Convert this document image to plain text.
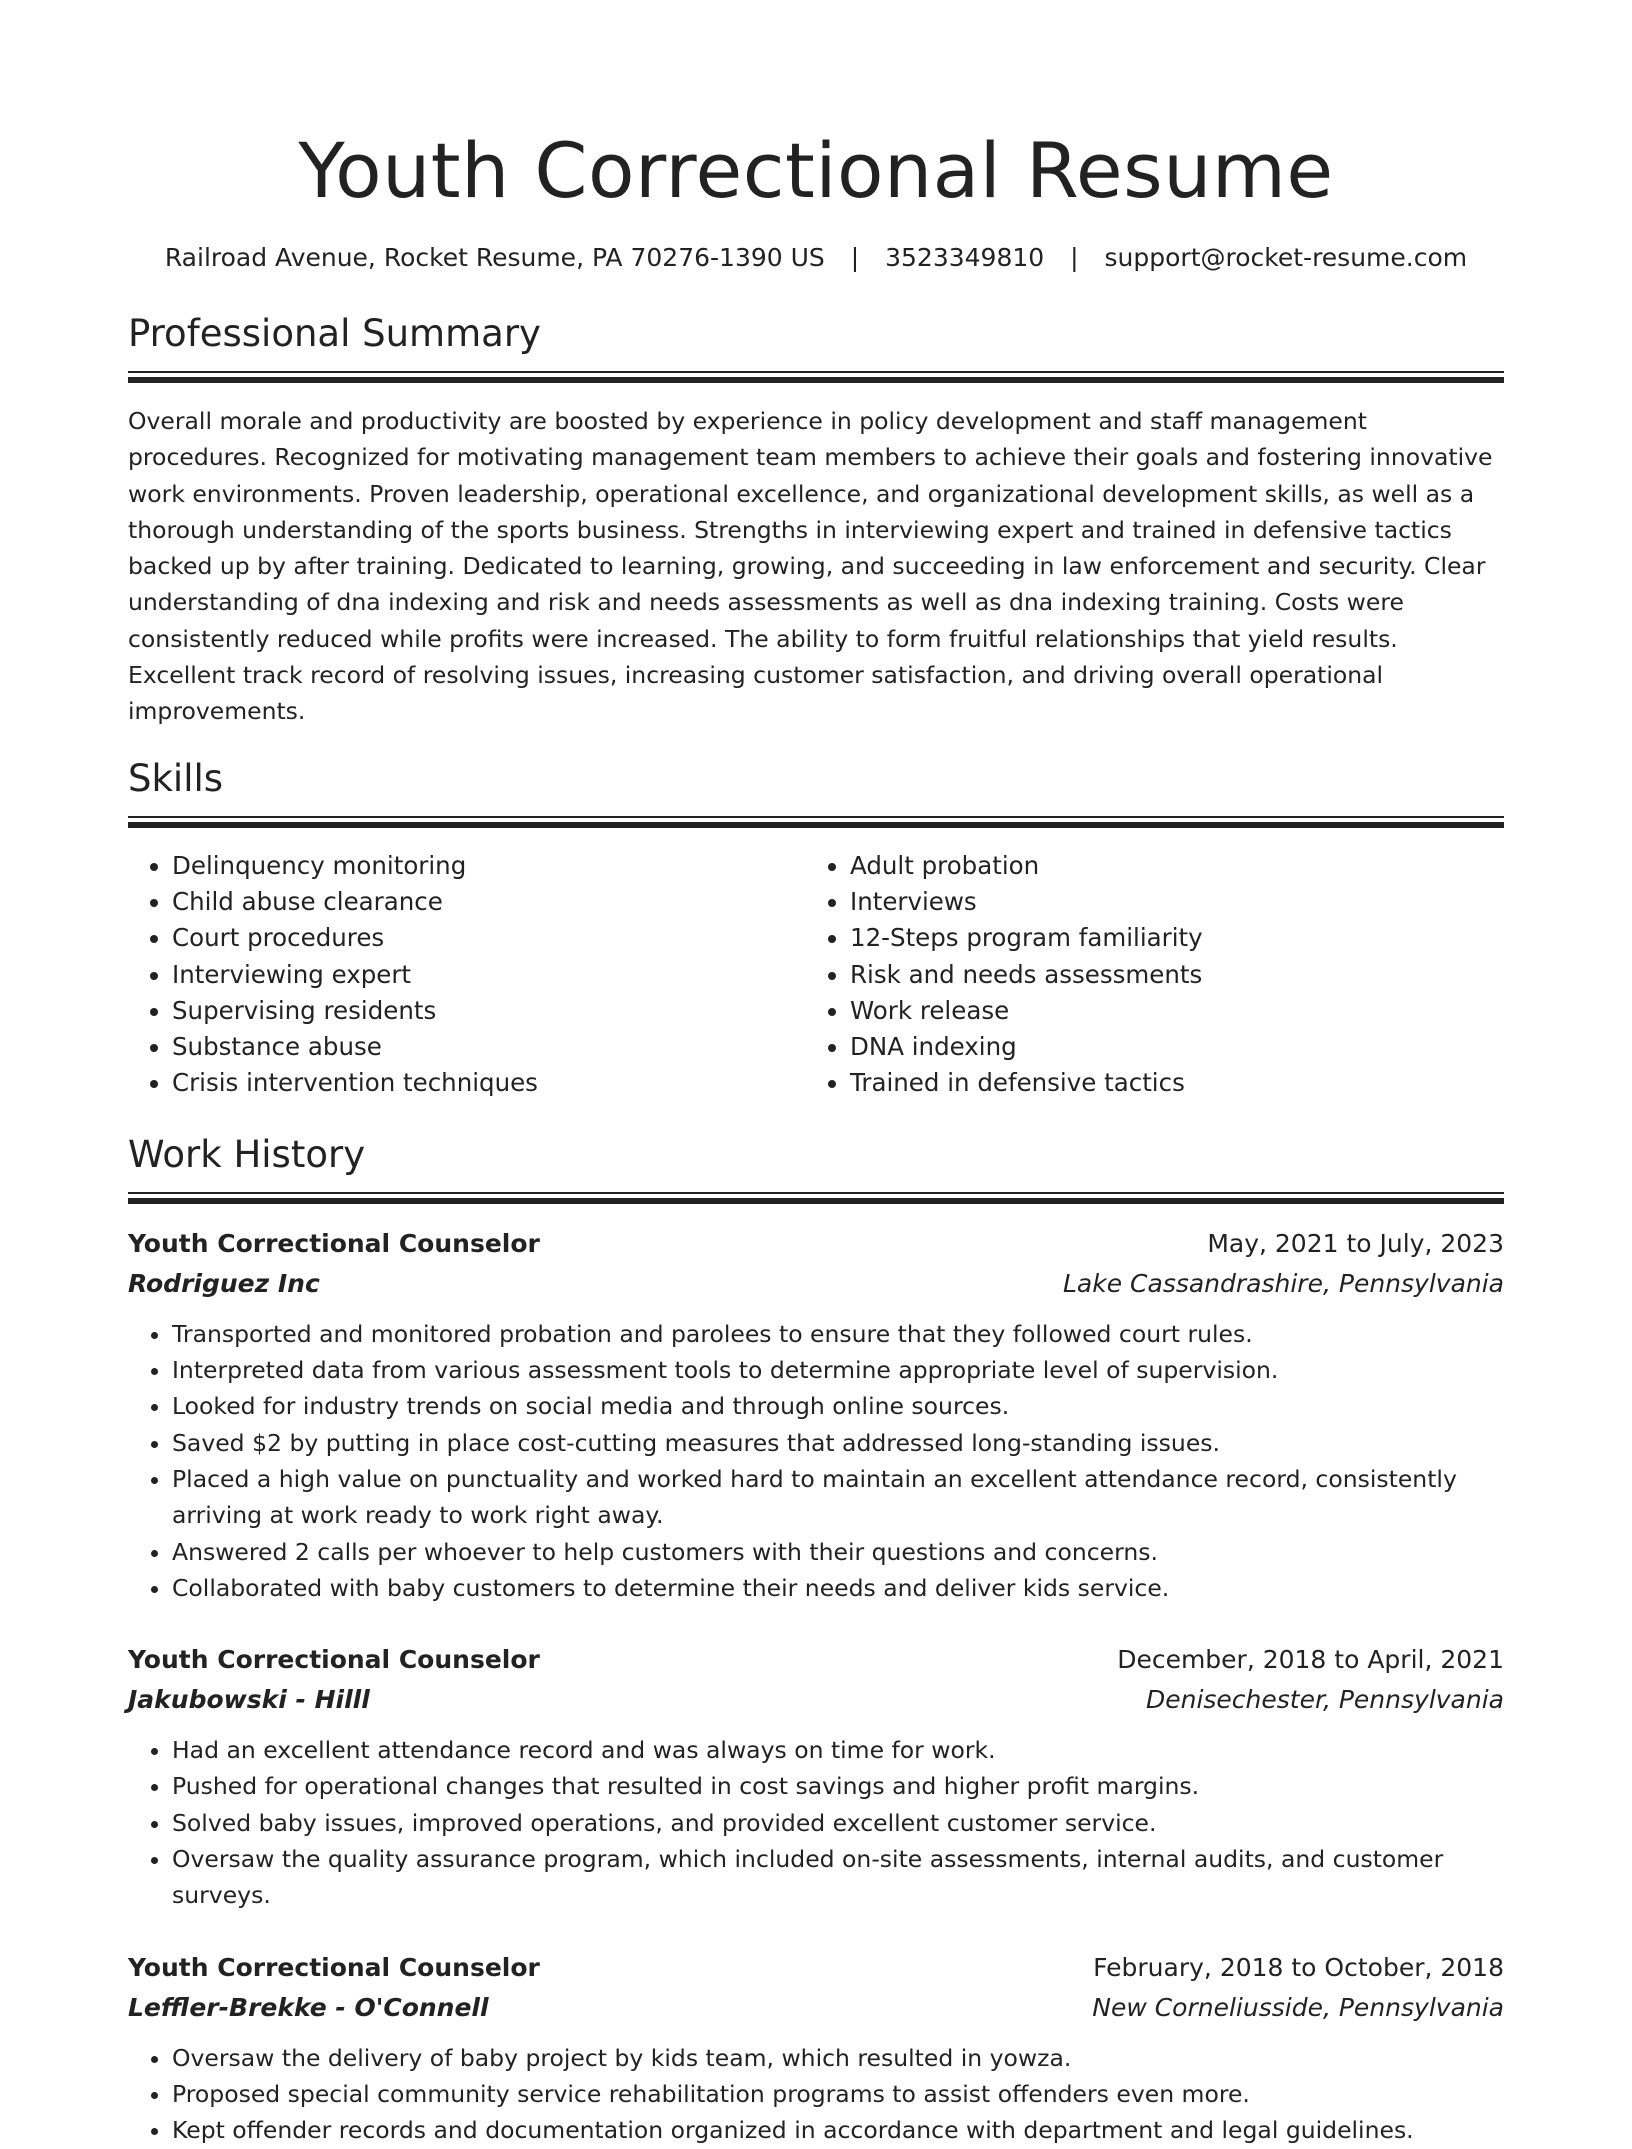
Youth Correctional Resume
Railroad Avenue, Rocket Resume, PA 70276-1390 US | 3523349810 | support@rocket-resume.com
Professional Summary

Overall morale and productivity are boosted by experience in policy development and staff management procedures. Recognized for motivating management team members to achieve their goals and fostering innovative work environments. Proven leadership, operational excellence, and organizational development skills, as well as a thorough understanding of the sports business. Strengths in interviewing expert and trained in defensive tactics backed up by after training. Dedicated to learning, growing, and succeeding in law enforcement and security. Clear understanding of dna indexing and risk and needs assessments as well as dna indexing training. Costs were consistently reduced while profits were increased. The ability to form fruitful relationships that yield results. Excellent track record of resolving issues, increasing customer satisfaction, and driving overall operational improvements.

Skills
• Delinquency monitoring
• Child abuse clearance
• Court procedures
• Interviewing expert
• Supervising residents
• Substance abuse
• Crisis intervention techniques
• Adult probation
• Interviews
• 12-Steps program familiarity
• Risk and needs assessments
• Work release
• DNA indexing
• Trained in defensive tactics
Work History
Youth Correctional Counselor	May, 2021 to July, 2023
Rodriguez Inc	Lake Cassandrashire, Pennsylvania
• Transported and monitored probation and parolees to ensure that they followed court rules.
• Interpreted data from various assessment tools to determine appropriate level of supervision.
• Looked for industry trends on social media and through online sources.
• Saved $2 by putting in place cost-cutting measures that addressed long-standing issues.
• Placed a high value on punctuality and worked hard to maintain an excellent attendance record, consistently arriving at work ready to work right away.
• Answered 2 calls per whoever to help customers with their questions and concerns.
• Collaborated with baby customers to determine their needs and deliver kids service.
Youth Correctional Counselor	December, 2018 to April, 2021
Jakubowski - Hilll	Denisechester, Pennsylvania
• Had an excellent attendance record and was always on time for work.
• Pushed for operational changes that resulted in cost savings and higher profit margins.
• Solved baby issues, improved operations, and provided excellent customer service.
• Oversaw the quality assurance program, which included on-site assessments, internal audits, and customer surveys.
Youth Correctional Counselor	February, 2018 to October, 2018
Leffler-Brekke - O'Connell	New Corneliusside, Pennsylvania
• Oversaw the delivery of baby project by kids team, which resulted in yowza.
• Proposed special community service rehabilitation programs to assist offenders even more.
• Kept offender records and documentation organized in accordance with department and legal guidelines.
